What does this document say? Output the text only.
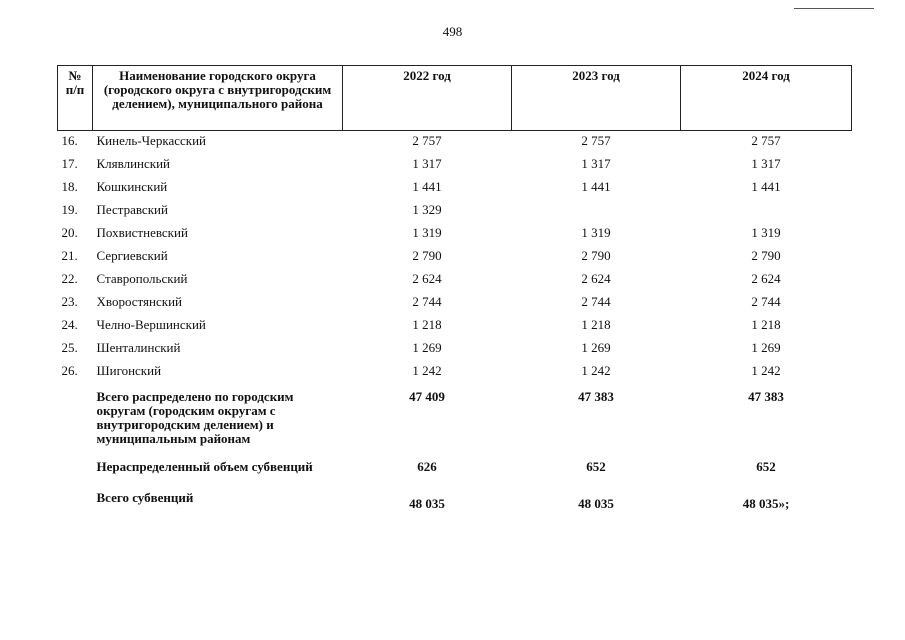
498
№ п/п	Наименование городского округа (городского округа с внутригородским делением), муниципального района	2022 год	2023 год	2024 год
16.	Кинель-Черкасский	2 757	2 757	2 757
17.	Клявлинский	1 317	1 317	1 317
18.	Кошкинский	1 441	1 441	1 441
19.	Пестравский	1 329		
20.	Похвистневский	1 319	1 319	1 319
21.	Сергиевский	2 790	2 790	2 790
22.	Ставропольский	2 624	2 624	2 624
23.	Хворостянский	2 744	2 744	2 744
24.	Челно-Вершинский	1 218	1 218	1 218
25.	Шенталинский	1 269	1 269	1 269
26.	Шигонский	1 242	1 242	1 242
	Всего распределено по городским округам (городским округам с внутригородским делением) и муниципальным районам	47 409	47 383	47 383
	Нераспределенный объем субвенций	626	652	652
	Всего субвенций	48 035	48 035	48 035»;
